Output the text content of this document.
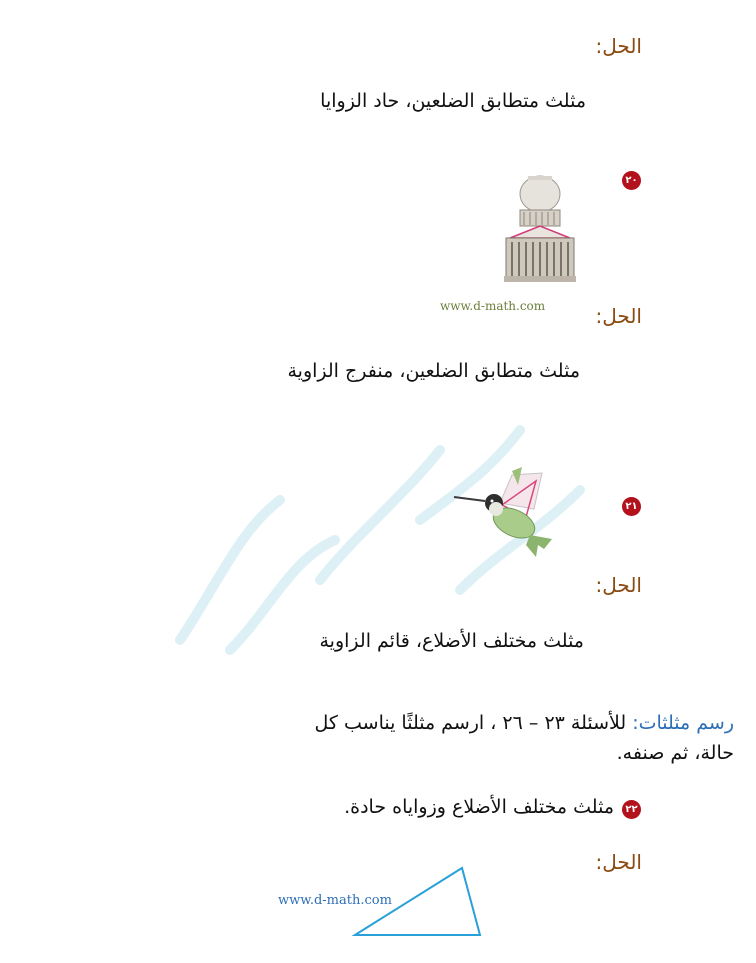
الحل:
مثلث متطابق الضلعين، حاد الزوايا
٢٠
www.d-math.com	الحل:
مثلث متطابق الضلعين، منفرج الزاوية
٢١
الحل:
مثلث مختلف الأضلاع، قائم الزاوية
رسم مثلثات: للأسئلة ٢٣ – ٢٦ ، ارسم مثلثًا يناسب كل
حالة، ثم صنفه.
٢٢
مثلث مختلف الأضلاع وزواياه حادة.
الحل:
www.d-math.com
